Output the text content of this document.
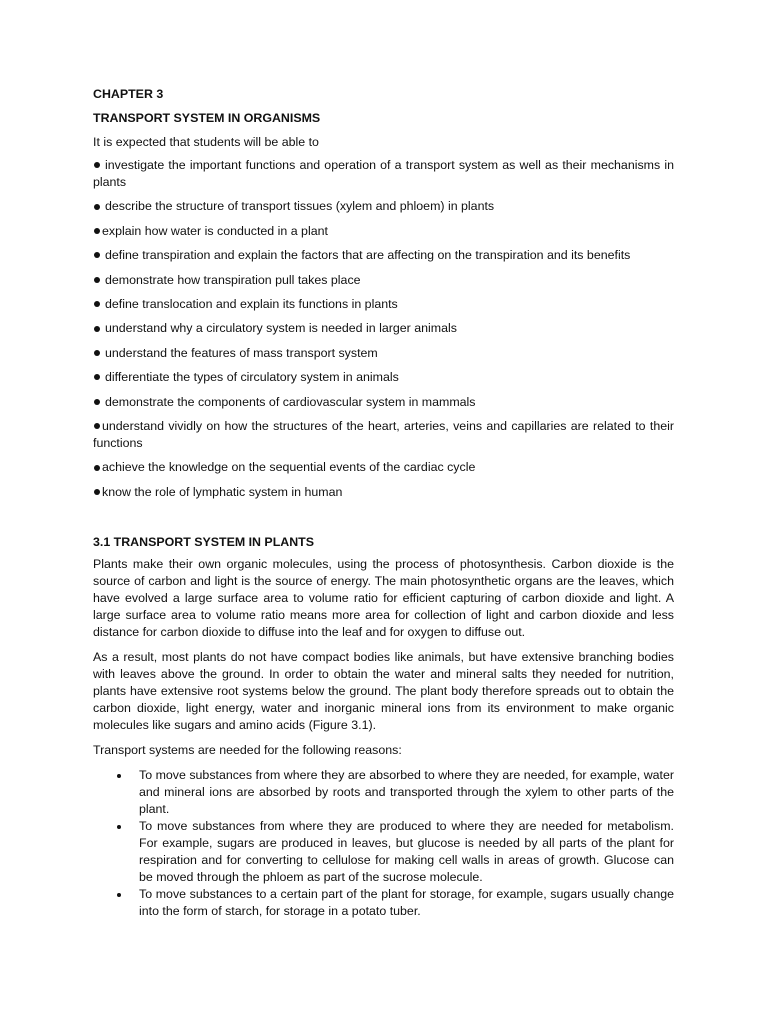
CHAPTER 3
TRANSPORT SYSTEM IN ORGANISMS
It is expected that students will be able to
investigate the important functions and operation of a transport system as well as their mechanisms in plants
describe the structure of transport tissues (xylem and phloem) in plants
explain how water is conducted in a plant
define transpiration and explain the factors that are affecting on the transpiration and its benefits
demonstrate how transpiration pull takes place
define translocation and explain its functions in plants
understand why a circulatory system is needed in larger animals
understand the features of mass transport system
differentiate the types of circulatory system in animals
demonstrate the components of cardiovascular system in mammals
understand vividly on how the structures of the heart, arteries, veins and capillaries are related to their functions
achieve the knowledge on the sequential events of the cardiac cycle
know the role of lymphatic system in human
3.1 TRANSPORT SYSTEM IN PLANTS

Plants make their own organic molecules, using the process of photosynthesis. Carbon dioxide is the source of carbon and light is the source of energy. The main photosynthetic organs are the leaves, which have evolved a large surface area to volume ratio for efficient capturing of carbon dioxide and light. A large surface area to volume ratio means more area for collection of light and carbon dioxide and less distance for carbon dioxide to diffuse into the leaf and for oxygen to diffuse out.

As a result, most plants do not have compact bodies like animals, but have extensive branching bodies with leaves above the ground. In order to obtain the water and mineral salts they needed for nutrition, plants have extensive root systems below the ground. The plant body therefore spreads out to obtain the carbon dioxide, light energy, water and inorganic mineral ions from its environment to make organic molecules like sugars and amino acids (Figure 3.1).

Transport systems are needed for the following reasons:

To move substances from where they are absorbed to where they are needed, for example, water and mineral ions are absorbed by roots and transported through the xylem to other parts of the plant.
To move substances from where they are produced to where they are needed for metabolism. For example, sugars are produced in leaves, but glucose is needed by all parts of the plant for respiration and for converting to cellulose for making cell walls in areas of growth. Glucose can be moved through the phloem as part of the sucrose molecule.
To move substances to a certain part of the plant for storage, for example, sugars usually change into the form of starch, for storage in a potato tuber.
